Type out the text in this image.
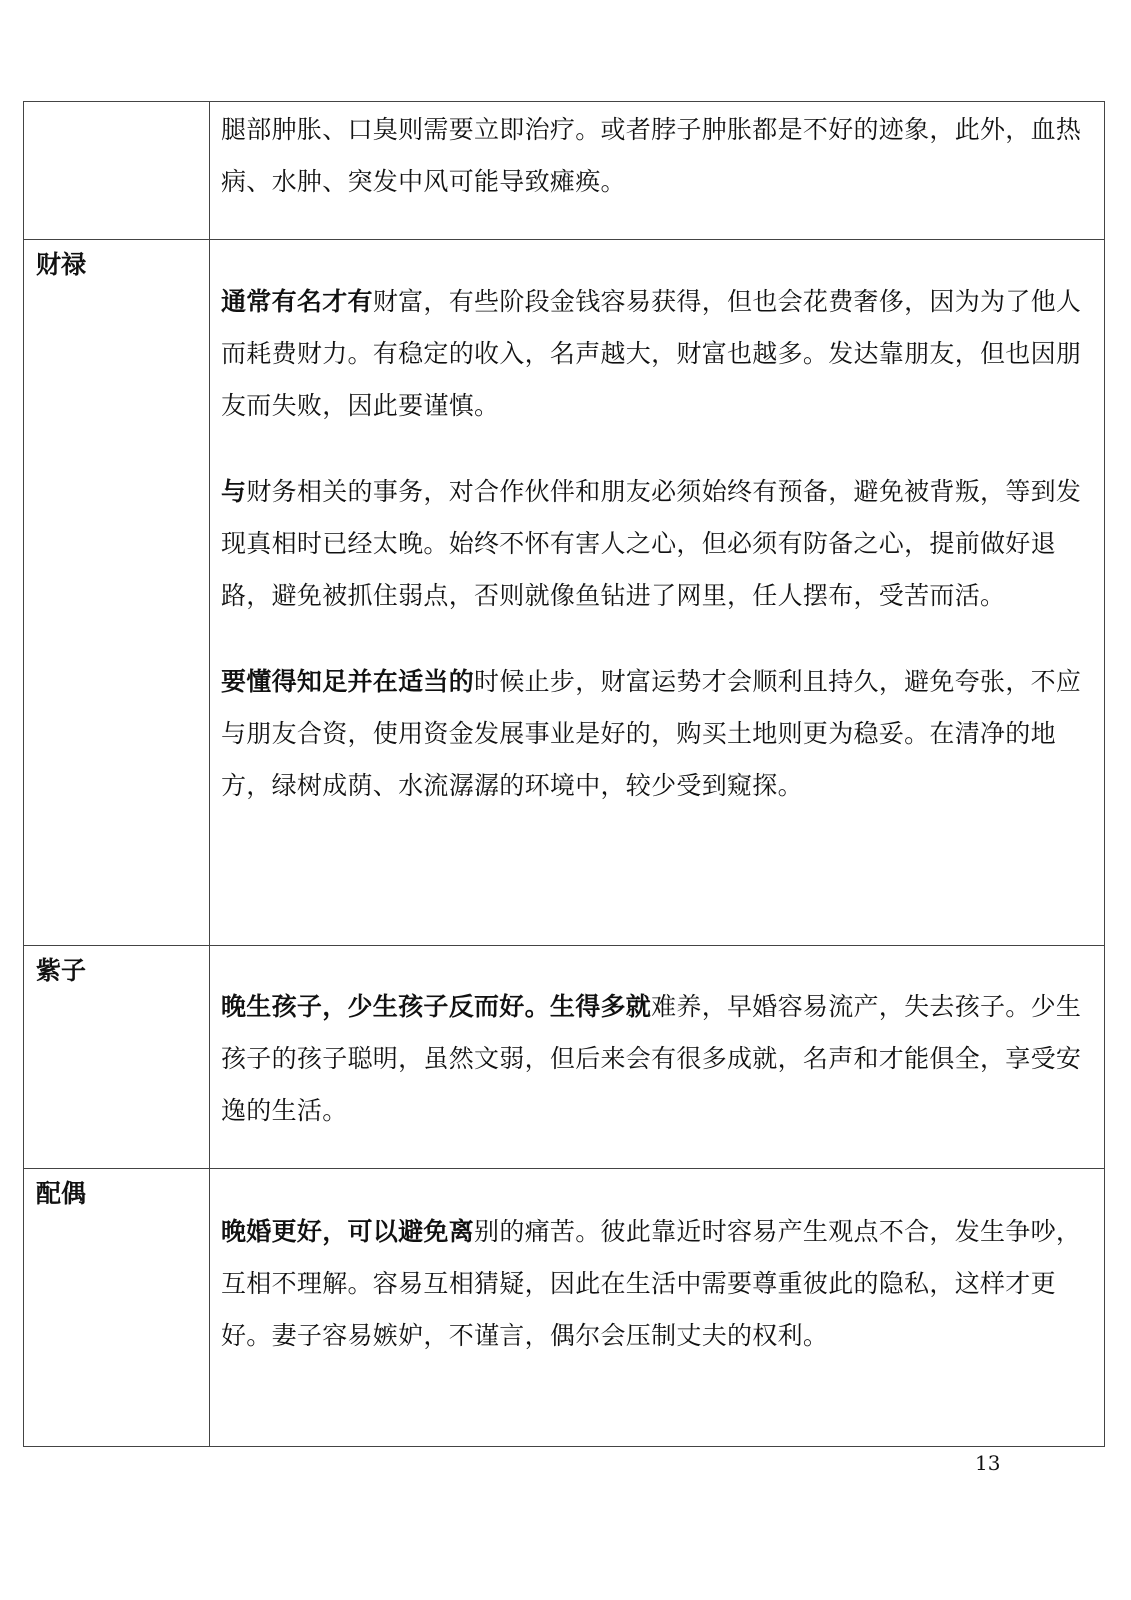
	腿部肿胀、口臭则需要立即治疗。或者脖子肿胀都是不好的迹象，此外，血热病、水肿、突发中风可能导致瘫痪。

财禄	通常有名才有财富，有些阶段金钱容易获得，但也会花费奢侈，因为为了他人而耗费财力。有稳定的收入，名声越大，财富也越多。发达靠朋友，但也因朋友而失败，因此要谨慎。

与财务相关的事务，对合作伙伴和朋友必须始终有预备，避免被背叛，等到发现真相时已经太晚。始终不怀有害人之心，但必须有防备之心，提前做好退路，避免被抓住弱点，否则就像鱼钻进了网里，任人摆布，受苦而活。

要懂得知足并在适当的时候止步，财富运势才会顺利且持久，避免夸张，不应与朋友合资，使用资金发展事业是好的，购买土地则更为稳妥。在清净的地方，绿树成荫、水流潺潺的环境中，较少受到窥探。

紫子	晚生孩子，少生孩子反而好。生得多就难养，早婚容易流产，失去孩子。少生孩子的孩子聪明，虽然文弱，但后来会有很多成就，名声和才能俱全，享受安逸的生活。

配偶	晚婚更好，可以避免离别的痛苦。彼此靠近时容易产生观点不合，发生争吵，互相不理解。容易互相猜疑，因此在生活中需要尊重彼此的隐私，这样才更好。妻子容易嫉妒，不谨言，偶尔会压制丈夫的权利。

13
